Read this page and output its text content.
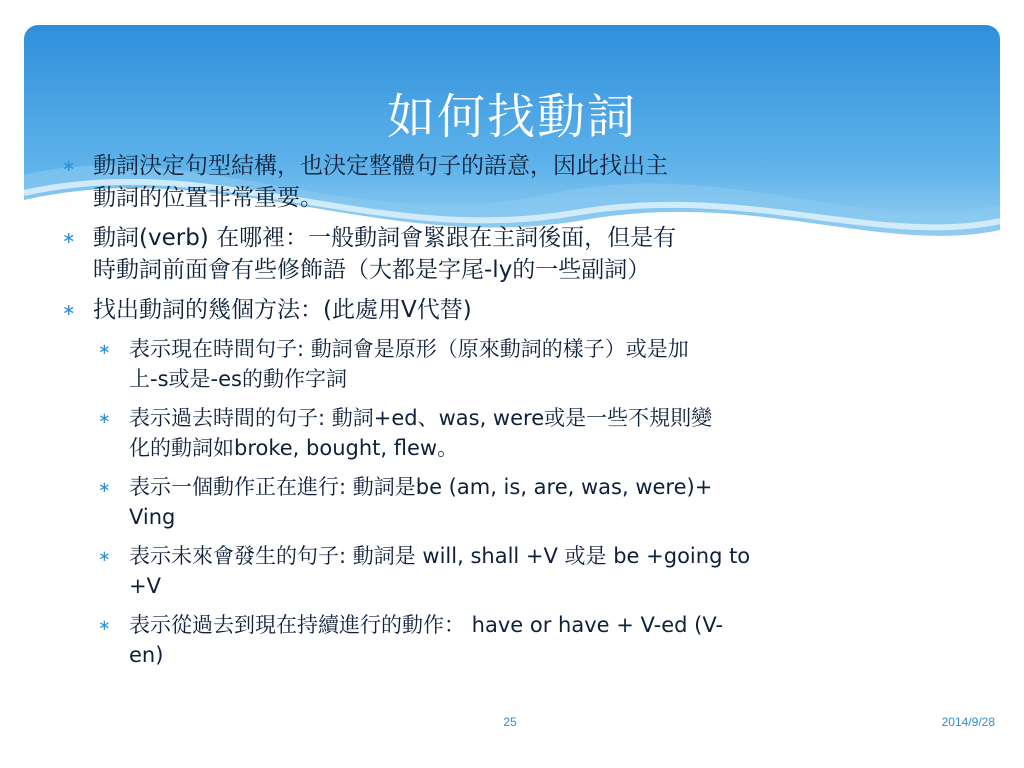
如何找動詞
∗ 動詞決定句型結構，也決定整體句子的語意，因此找出主
動詞的位置非常重要。
∗ 動詞(verb) 在哪裡：一般動詞會緊跟在主詞後面，但是有
時動詞前面會有些修飾語（大都是字尾-ly的一些副詞）
∗ 找出動詞的幾個方法：(此處用V代替)
∗ 表示現在時間句子: 動詞會是原形（原來動詞的樣子）或是加
上-s或是-es的動作字詞
∗ 表示過去時間的句子: 動詞+ed、was, were或是一些不規則變
化的動詞如broke, bought, flew。
∗ 表示一個動作正在進行: 動詞是be (am, is, are, was, were)+
Ving
∗ 表示未來會發生的句子: 動詞是 will, shall +V 或是 be +going to
+V
∗ 表示從過去到現在持續進行的動作： have or have + V-ed (V-
en)
25	2014/9/28
